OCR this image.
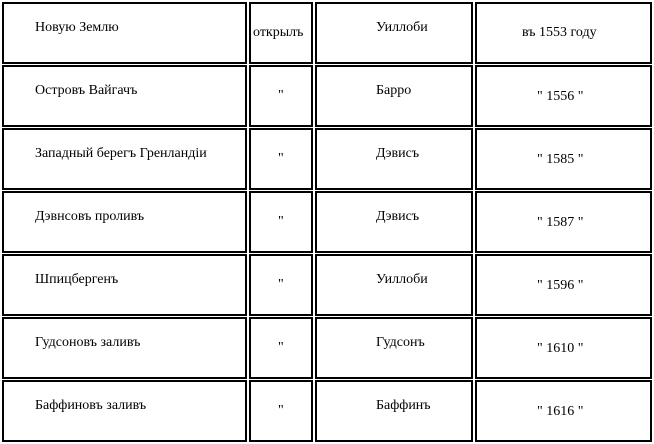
Новую Землю	открылъ	Уиллоби	въ 1553 году
Островъ Вайгачъ	"	Барро	" 1556 "
Западный берегъ Гренландіи	"	Дэвисъ	" 1585 "
Дэвнсовъ проливъ	"	Дэвисъ	" 1587 "
Шпицбергенъ	"	Уиллоби	" 1596 "
Гудсоновъ заливъ	"	Гудсонъ	" 1610 "
Баффиновъ заливъ	"	Баффинъ	" 1616 "
